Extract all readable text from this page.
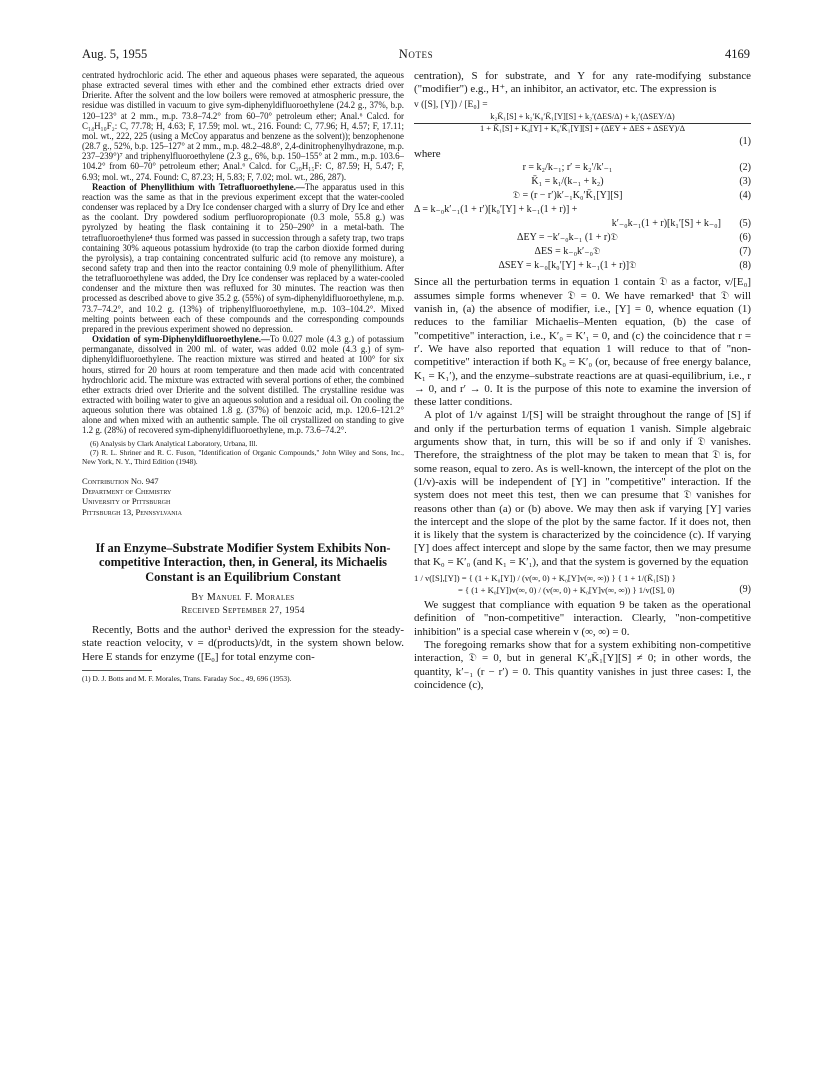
Aug. 5, 1955	Notes	4169

centrated hydrochloric acid. The ether and aqueous phases were separated, the aqueous phase extracted several times with ether and the combined ether extracts dried over Drierite. After the solvent and the low boilers were removed at atmospheric pressure, the residue was distilled in vacuum to give sym-diphenyldifluoroethylene (24.2 g., 37%, b.p. 120–123° at 2 mm., m.p. 73.8–74.2° from 60–70° petroleum ether; Anal.⁶ Calcd. for C₁₄H₁₀F₂: C, 77.78; H, 4.63; F, 17.59; mol. wt., 216. Found: C, 77.96; H, 4.57; F, 17.11; mol. wt., 222, 225 (using a McCoy apparatus and benzene as the solvent)); benzophenone (28.7 g., 52%, b.p. 125–127° at 2 mm., m.p. 48.2–48.8°, 2,4-dinitrophenylhydrazone, m.p. 237–239°)⁷ and triphenylfluoroethylene (2.3 g., 6%, b.p. 150–155° at 2 mm., m.p. 103.6–104.2° from 60–70° petroleum ether; Anal.⁶ Calcd. for C₂₀H₁₅F: C, 87.59; H, 5.47; F, 6.93; mol. wt., 274. Found: C, 87.23; H, 5.83; F, 7.02; mol. wt., 286, 287).

Reaction of Phenyllithium with Tetrafluoroethylene.—The apparatus used in this reaction was the same as that in the previous experiment except that the water-cooled condenser was replaced by a Dry Ice condenser charged with a slurry of Dry Ice and ether as the coolant. Dry powdered sodium perfluoropropionate (0.3 mole, 55.8 g.) was pyrolyzed by heating the flask containing it to 250–290° in a metal-bath. The tetrafluoroethylene⁴ thus formed was passed in succession through a safety trap, two traps containing 30% aqueous potassium hydroxide (to trap the carbon dioxide formed during the pyrolysis), a trap containing concentrated sulfuric acid (to remove any moisture), a second safety trap and then into the reactor containing 0.9 mole of phenyllithium. After the tetrafluoroethylene was added, the Dry Ice condenser was replaced by a water-cooled condenser and the mixture then was refluxed for 30 minutes. The reaction was then processed as described above to give 35.2 g. (55%) of sym-diphenyldifluoroethylene, m.p. 73.7–74.2°, and 10.2 g. (13%) of triphenylfluoroethylene, m.p. 103–104.2°. Mixed melting points between each of these compounds and the corresponding compounds prepared in the previous experiment showed no depression.

Oxidation of sym-Diphenyldifluoroethylene.—To 0.027 mole (4.3 g.) of potassium permanganate, dissolved in 200 ml. of water, was added 0.02 mole (4.3 g.) of sym-diphenyldifluoroethylene. The reaction mixture was stirred and heated at 100° for six hours, stirred for 20 hours at room temperature and then made acid with concentrated hydrochloric acid. The mixture was extracted with several portions of ether, the combined ether extracts dried over Drierite and the solvent distilled. The crystalline residue was extracted with boiling water to give an aqueous solution and a residual oil. On cooling the aqueous solution there was obtained 1.8 g. (37%) of benzoic acid, m.p. 120.6–121.2° alone and when mixed with an authentic sample. The oil crystallized on standing to give 1.2 g. (28%) of recovered sym-diphenyldifluoroethylene, m.p. 73.6–74.2°.

(6) Analysis by Clark Analytical Laboratory, Urbana, Ill.

(7) R. L. Shriner and R. C. Fuson, "Identification of Organic Compounds," John Wiley and Sons, Inc., New York, N. Y., Third Edition (1948).

Contribution No. 947
Department of Chemistry
University of Pittsburgh
Pittsburgh 13, Pennsylvania
If an Enzyme–Substrate Modifier System Exhibits Non-competitive Interaction, then, in General, its Michaelis Constant is an Equilibrium Constant
By Manuel F. Morales
Received September 27, 1954

Recently, Botts and the author¹ derived the expression for the steady-state reaction velocity, v = d(products)/dt, in the system shown below. Here E stands for enzyme ([E₀] for total enzyme con-

(1) D. J. Botts and M. F. Morales, Trans. Faraday Soc., 49, 696 (1953).

centration), S for substrate, and Y for any rate-modifying substance ("modifier") e.g., H⁺, an inhibitor, an activator, etc. The expression is

v ([S], [Y]) / [E₀] =
k₂K̄₁[S] + k₂′K₀′K̄₁[Y][S] + k₂′(ΔES/Δ) + k₂′(ΔSEY/Δ)
1 + K̄₁[S] + K₀[Y] + K₀′K̄₁[Y][S] + (ΔEY + ΔES + ΔSEY)/Δ
(1)

where

r = k₂/k₋₁; r′ = k₂′/k′₋₁	(2)
K̄₁ = k₁/(k₋₁ + k₂)	(3)
𝔇 = (r − r′)k′₋₁K₀′K̄₁[Y][S]	(4)
Δ = k₋₀k′₋₁(1 + r′)[k₀′[Y] + k₋₁(1 + r)] +
k′₋₀k₋₁(1 + r)[k₁′[S] + k₋₀] (5)
ΔEY = −k′₋₀k₋₁ (1 + r)𝔇	(6)
ΔES = k₋₀k′₋₀𝔇	(7)
ΔSEY = k₋₀[k₀′[Y] + k₋₁(1 + r)]𝔇	(8)

Since all the perturbation terms in equation 1 contain 𝔇 as a factor, v/[E₀] assumes simple forms whenever 𝔇 = 0. We have remarked¹ that 𝔇 will vanish in, (a) the absence of modifier, i.e., [Y] = 0, whence equation (1) reduces to the familiar Michaelis–Menten equation, (b) the case of "competitive" interaction, i.e., K′₀ = K′₁ = 0, and (c) the coincidence that r = r′. We have also reported that equation 1 will reduce to that of "non-competitive" interaction if both K₀ = K′₀ (or, because of free energy balance, K₁ = K₁′), and the enzyme–substrate reactions are at quasi-equilibrium, i.e., r → 0, and r′ → 0. It is the purpose of this note to examine the inversion of these latter conditions.

A plot of 1/v against 1/[S] will be straight throughout the range of [S] if and only if the perturbation terms of equation 1 vanish. Simple algebraic arguments show that, in turn, this will be so if and only if 𝔇 vanishes. Therefore, the straightness of the plot may be taken to mean that 𝔇 is, for some reason, equal to zero. As is well-known, the intercept of the plot on the (1/v)-axis will be independent of [Y] in "competitive" interaction. If the system does not meet this test, then we can presume that 𝔇 vanishes for reasons other than (a) or (b) above. We may then ask if varying [Y] varies the intercept and the slope of the plot by the same factor. If it does not, then it is likely that the system is characterized by the coincidence (c). If varying [Y] does affect intercept and slope by the same factor, then we may presume that K₀ = K′₀ (and K₁ = K′₁), and that the system is governed by the equation

1 / v([S],[Y]) = { (1 + K₀[Y]) / (v(∞, 0) + K₀[Y]v(∞, ∞)) } { 1 + 1/(K̄₁[S]) }
= { (1 + K₀[Y])v(∞, 0) / (v(∞, 0) + K₀[Y]v(∞, ∞)) } 1/v([S], 0)	(9)

We suggest that compliance with equation 9 be taken as the operational definition of "non-competitive" interaction. Clearly, "non-competitive inhibition" is a special case wherein v (∞, ∞) = 0.

The foregoing remarks show that for a system exhibiting non-competitive interaction, 𝔇 = 0, but in general K′₀K̄₁[Y][S] ≠ 0; in other words, the quantity, k′₋₁ (r − r′) = 0. This quantity vanishes in just three cases: I, the coincidence (c),
